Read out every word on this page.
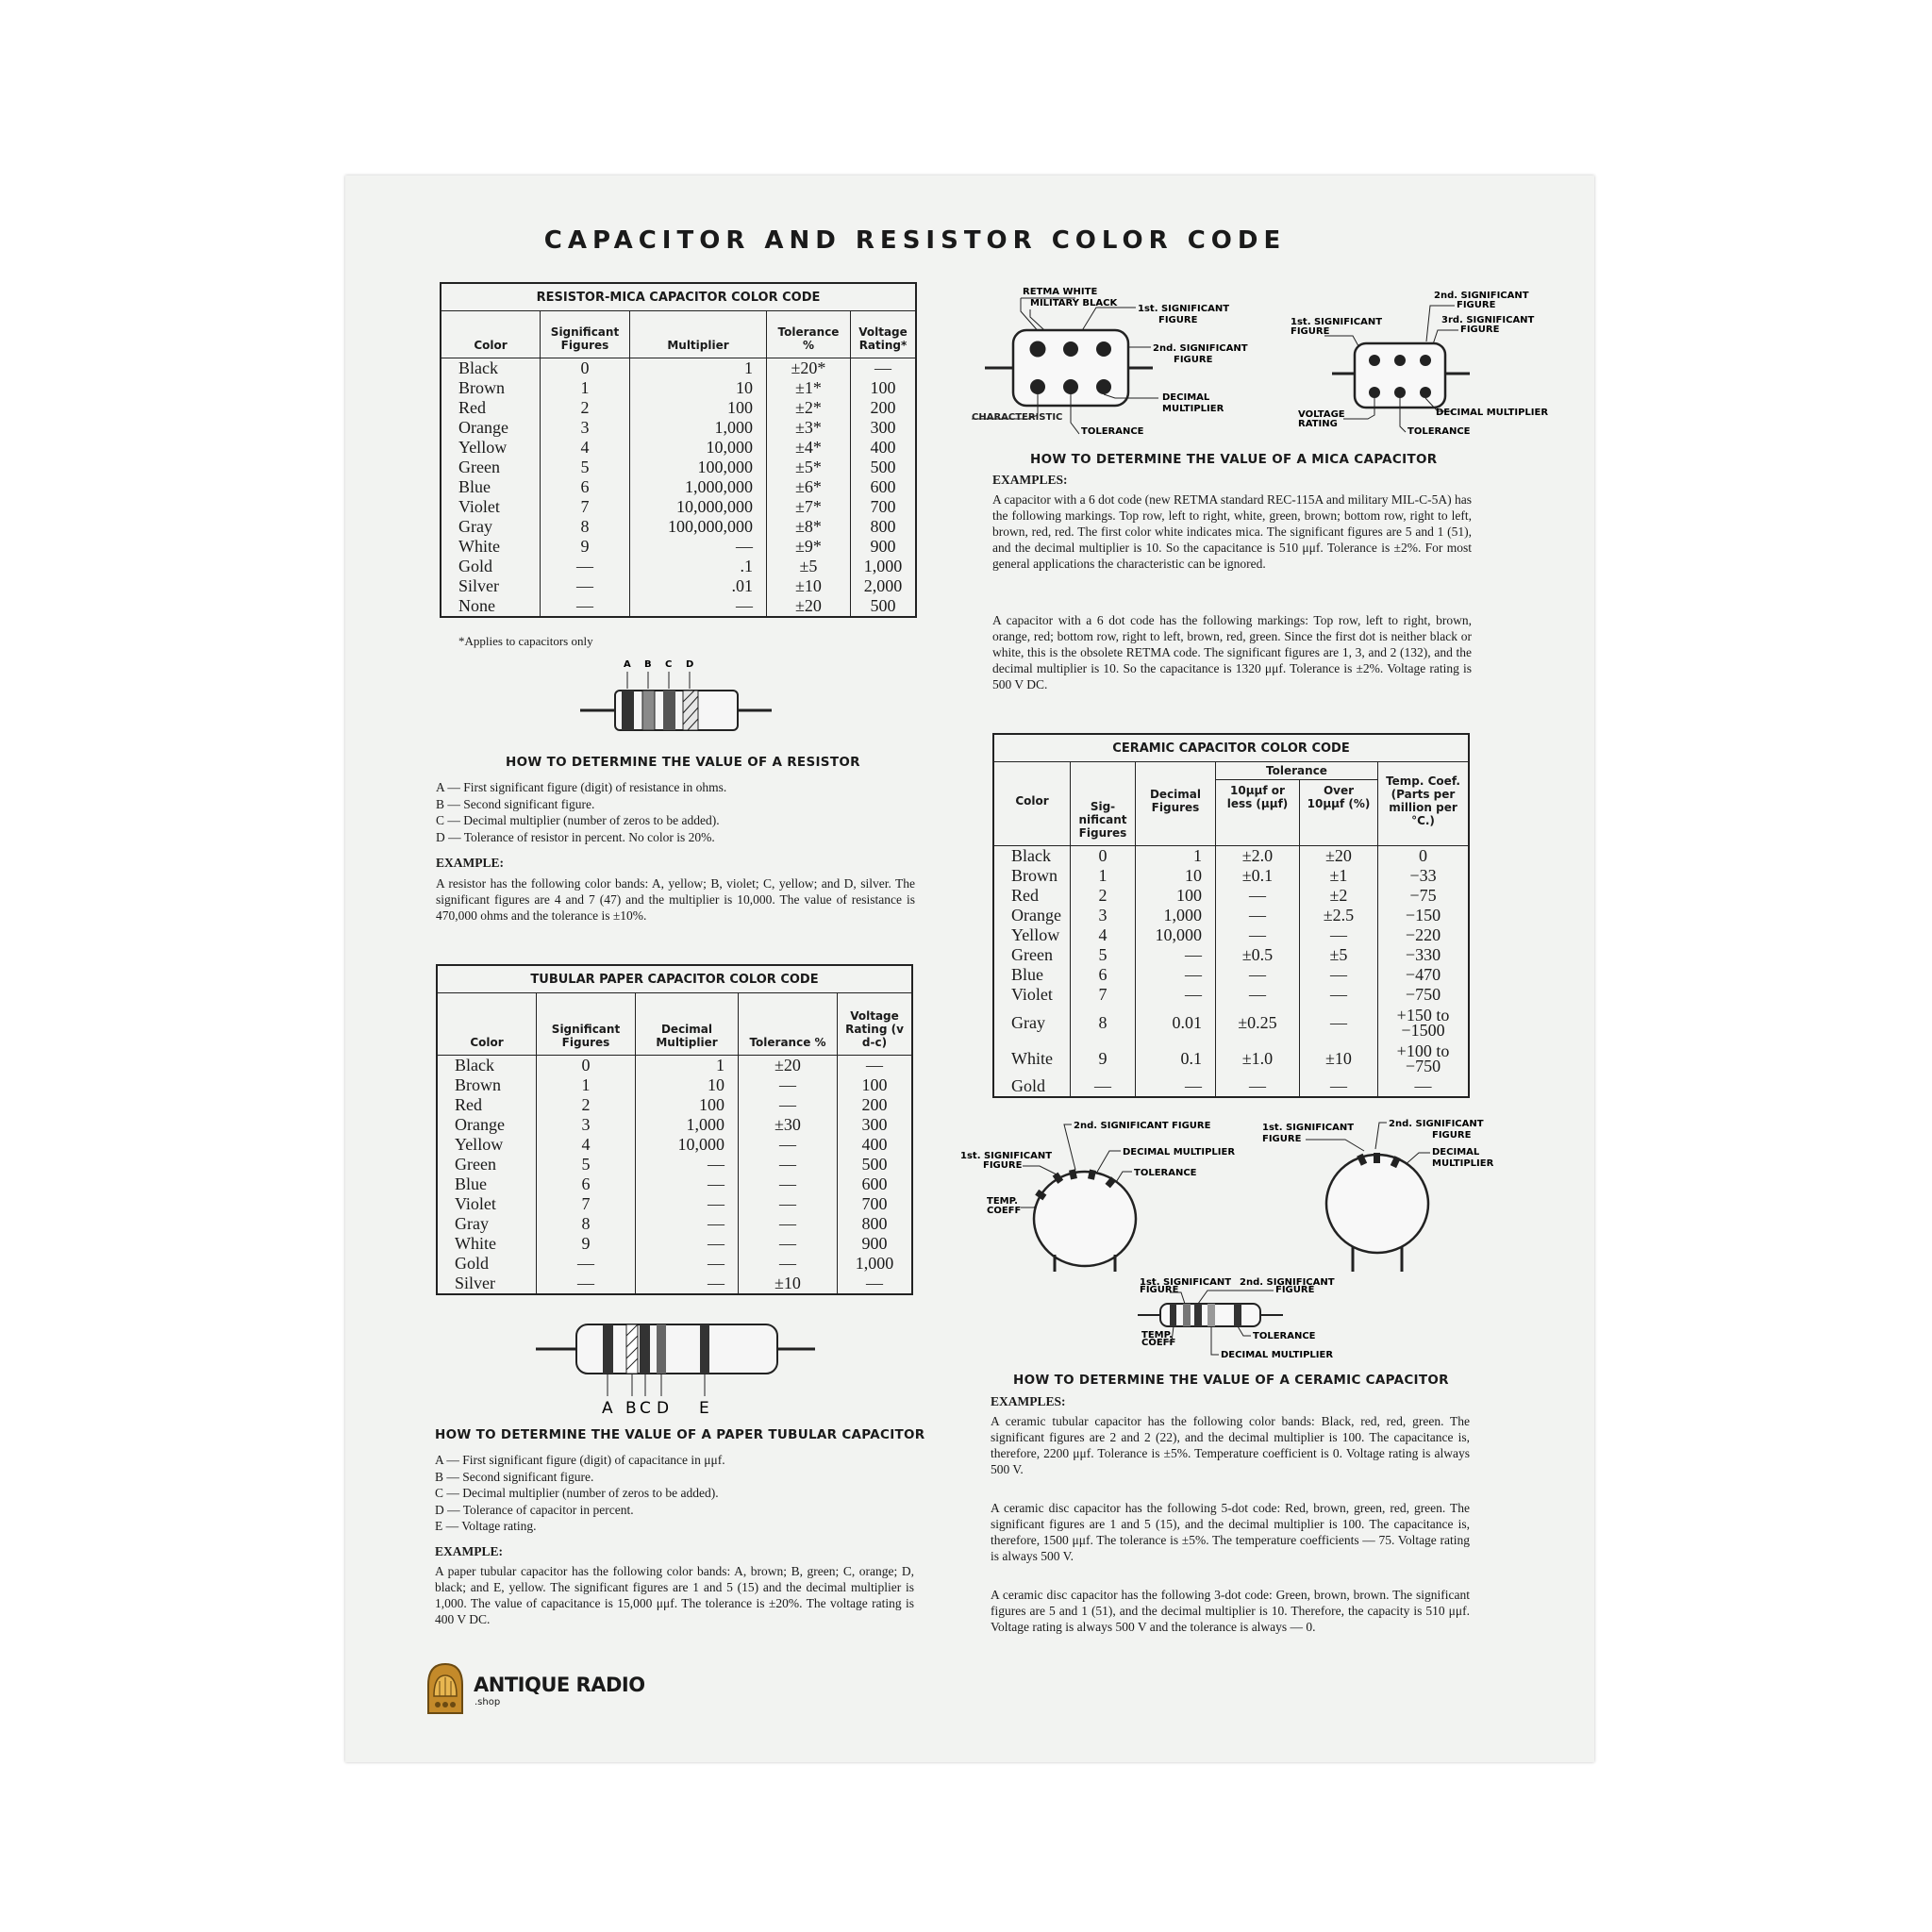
CAPACITOR AND RESISTOR COLOR CODE
RESISTOR-MICA CAPACITOR COLOR CODE				
Color	Significant Figures	Multiplier	Tolerance %	Voltage Rating*
Black	0	1	±20*	—
Brown	1	10	±1*	100
Red	2	100	±2*	200
Orange	3	1,000	±3*	300
Yellow	4	10,000	±4*	400
Green	5	100,000	±5*	500
Blue	6	1,000,000	±6*	600
Violet	7	10,000,000	±7*	700
Gray	8	100,000,000	±8*	800
White	9	—	±9*	900
Gold	—	.1	±5	1,000
Silver	—	.01	±10	2,000
None	—	—	±20	500
*Applies to capacitors only
A B C D
HOW TO DETERMINE THE VALUE OF A RESISTOR
A — First significant figure (digit) of resistance in ohms.
B — Second significant figure.
C — Decimal multiplier (number of zeros to be added).
D — Tolerance of resistor in percent. No color is 20%.
EXAMPLE:
A resistor has the following color bands: A, yellow; B, violet; C, yellow; and D, silver. The significant figures are 4 and 7 (47) and the multiplier is 10,000. The value of resistance is 470,000 ohms and the tolerance is ±10%.
TUBULAR PAPER CAPACITOR COLOR CODE				
Color	Significant Figures	Decimal Multiplier	Tolerance %	Voltage Rating (v d-c)
Black	0	1	±20	—
Brown	1	10	—	100
Red	2	100	—	200
Orange	3	1,000	±30	300
Yellow	4	10,000	—	400
Green	5	—	—	500
Blue	6	—	—	600
Violet	7	—	—	700
Gray	8	—	—	800
White	9	—	—	900
Gold	—	—	—	1,000
Silver	—	—	±10	—
A B C D E
HOW TO DETERMINE THE VALUE OF A PAPER TUBULAR CAPACITOR
A — First significant figure (digit) of capacitance in μμf.
B — Second significant figure.
C — Decimal multiplier (number of zeros to be added).
D — Tolerance of capacitor in percent.
E — Voltage rating.
EXAMPLE:
A paper tubular capacitor has the following color bands: A, brown; B, green; C, orange; D, black; and E, yellow. The significant figures are 1 and 5 (15) and the decimal multiplier is 1,000. The value of capacitance is 15,000 μμf. The tolerance is ±20%. The voltage rating is 400 V DC.
ANTIQUE RADIO
.shop
RETMA WHITE
MILITARY BLACK
1st. SIGNIFICANT
FIGURE
2nd. SIGNIFICANT
FIGURE
DECIMAL
MULTIPLIER
CHARACTERISTIC
TOLERANCE
2nd. SIGNIFICANT
FIGURE
1st. SIGNIFICANT
FIGURE
3rd. SIGNIFICANT
FIGURE
VOLTAGE
RATING
TOLERANCE
DECIMAL MULTIPLIER
HOW TO DETERMINE THE VALUE OF A MICA CAPACITOR
EXAMPLES:
A capacitor with a 6 dot code (new RETMA standard REC-115A and military MIL-C-5A) has the following markings. Top row, left to right, white, green, brown; bottom row, right to left, brown, red, red. The first color white indicates mica. The significant figures are 5 and 1 (51), and the decimal multiplier is 10. So the capacitance is 510 μμf. Tolerance is ±2%. For most general applications the characteristic can be ignored.
A capacitor with a 6 dot code has the following markings: Top row, left to right, brown, orange, red; bottom row, right to left, brown, red, green. Since the first dot is neither black or white, this is the obsolete RETMA code. The significant figures are 1, 3, and 2 (132), and the decimal multiplier is 10. So the capacitance is 1320 μμf. Tolerance is ±2%. Voltage rating is 500 V DC.
CERAMIC CAPACITOR COLOR CODE					
Color	Sig-nificant Figures	Decimal Figures	Tolerance		Temp. Coef. (Parts per million per °C.)
			10μμf or less (μμf)	Over 10μμf (%)	
Black	0	1	±2.0	±20	0
Brown	1	10	±0.1	±1	−33
Red	2	100	—	±2	−75
Orange	3	1,000	—	±2.5	−150
Yellow	4	10,000	—	—	−220
Green	5	—	±0.5	±5	−330
Blue	6	—	—	—	−470
Violet	7	—	—	—	−750
Gray	8	0.01	±0.25	—	+150 to −1500
White	9	0.1	±1.0	±10	+100 to −750
Gold	—	—	—	—	—
2nd. SIGNIFICANT FIGURE
1st. SIGNIFICANT
FIGURE
DECIMAL MULTIPLIER
TOLERANCE
TEMP.
COEFF
1st. SIGNIFICANT
FIGURE
2nd. SIGNIFICANT
FIGURE
DECIMAL
MULTIPLIER
1st. SIGNIFICANT
FIGURE
2nd. SIGNIFICANT
FIGURE
TEMP.
COEFF
TOLERANCE
DECIMAL MULTIPLIER
HOW TO DETERMINE THE VALUE OF A CERAMIC CAPACITOR
EXAMPLES:
A ceramic tubular capacitor has the following color bands: Black, red, red, green. The significant figures are 2 and 2 (22), and the decimal multiplier is 100. The capacitance is, therefore, 2200 μμf. Tolerance is ±5%. Temperature coefficient is 0. Voltage rating is always 500 V.
A ceramic disc capacitor has the following 5-dot code: Red, brown, green, red, green. The significant figures are 1 and 5 (15), and the decimal multiplier is 100. The capacitance is, therefore, 1500 μμf. The tolerance is ±5%. The temperature coefficients — 75. Voltage rating is always 500 V.
A ceramic disc capacitor has the following 3-dot code: Green, brown, brown. The significant figures are 5 and 1 (51), and the decimal multiplier is 10. Therefore, the capacity is 510 μμf. Voltage rating is always 500 V and the tolerance is always — 0.
